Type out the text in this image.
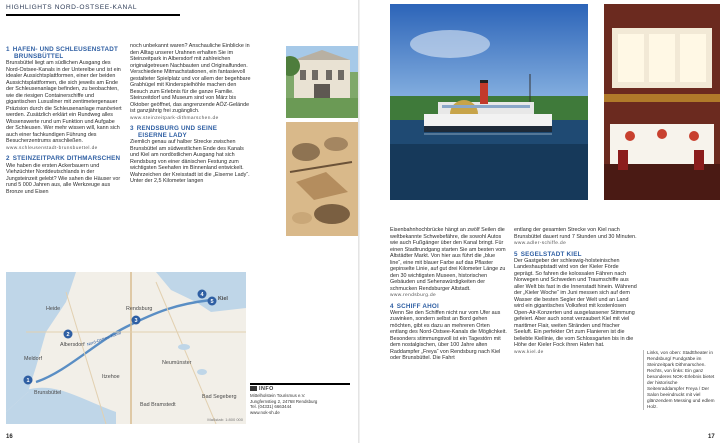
HIGHLIGHTS NORD-OSTSEE-KANAL
1 HAFEN- UND SCHLEUSENSTADT
BRUNSBÜTTEL

Brunsbüttel liegt am südlichen Ausgang des Nord-Ostsee-Kanals in der Unterelbe und ist ein idealer Aussichtsplattformen, einer der beiden Aussichtsplattformen, die sich jeweils am Ende der Schleusenanlage befinden, zu beobachten, wie die riesigen Containerschiffe und gigantischen Luxusliner mit zentimetergenauer Präzision durch die Schleusenanlage manövriert werden. Zusätzlich erklärt ein Rundweg alles Wissenswerte rund um Funktion und Aufgabe der Schleusen. Wer mehr wissen will, kann sich auch einer fachkundigen Führung des Besucherzentrums anschließen.

www.schleusenstadt-brunsbuettel.de
2 STEINZEITPARK DITHMARSCHEN

Wie haben die ersten Ackerbauern und Viehzüchter Norddeutschlands in der Jungsteinzeit gelebt? Wie sahen die Häuser vor rund 5 000 Jahren aus, alle Werkzeuge aus Bronze und Eisen

noch unbekannt waren? Anschauliche Einblicke in den Alltag unserer Urahnen erhalten Sie im Steinzeitpark in Albersdorf mit zahlreichen originalgetreuen Nachbauten und Originalfunden. Verschiedene Mitmachstationen, ein fantasievoll gestalteter Spielplatz und vor allem der begehbare Grabhügel mit Kinderspielhöhle machen den Besuch zum Erlebnis für die ganze Familie. Steinzeitdorf und Museum sind von März bis Oktober geöffnet, das angrenzende AÖZ-Gelände ist ganzjährig frei zugänglich.

www.steinzeitpark-dithmarschen.de
3 RENDSBURG UND SEINE
EISERNE LADY

Ziemlich genau auf halber Strecke zwischen Brunsbüttel am südwestlichen Ende des Kanals und Kiel am nordöstlichen Ausgang hat sich Rendsburg von einer dänischen Festung zum wichtigsten Seehafen im Binnenland entwickelt. Wahrzeichen der Kreisstadt ist die „Eiserne Lady“. Unter der 2,5 Kilometer langen

1
2
3
4
5 Kiel
Rendsburg
Albersdorf
Heide
Meldorf
Brunsbüttel
Itzehoe
Neumünster
Bad Segeberg
Bad Bramstedt
Nord-Ostsee-Kanal
Maßstab: 1:800 000
INFO
Mittelholstein Tourismus e.V.
Jungfernstieg 2, 24768 Rendsburg
Tel. (04331) 6663444
www.nok-sh.de
16

Eisenbahnhochbrücke hängt an zwölf Seilen die weltbekannte Schwebefähre, die sowohl Autos wie auch Fußgänger über den Kanal bringt. Für einen Stadtrundgang starten Sie am besten vom Altstädter Markt. Von hier aus führt die „blue line“, eine mit blauer Farbe auf das Pflaster gepinselte Linie, auf gut drei Kilometer Länge zu den 30 wichtigsten Museen, historischen Gebäuden und Sehenswürdigkeiten der schmucken Rendsburger Altstadt.

www.rendsburg.de
4 SCHIFF AHOI

Wenn Sie den Schiffen nicht nur vom Ufer aus zuwinken, sondern selbst an Bord gehen möchten, gibt es dazu an mehreren Orten entlang des Nord-Ostsee-Kanals die Möglichkeit. Besonders stimmungsvoll ist ein Tagestörn mit dem nostalgischen, über 100 Jahre alten Raddampfer „Freya“ von Rendsburg nach Kiel oder Brunsbüttel. Die Fahrt

entlang der gesamten Strecke von Kiel nach Brunsbüttel dauert rund 7 Stunden und 30 Minuten.

www.adler-schiffe.de
5 SEGELSTADT KIEL

Der Gastgeber der schleswig-holsteinischen Landeshauptstadt wird von der Kieler Förde geprägt. So fahren die kolossalen Fähren nach Norwegen und Schweden und Traumschiffe aus aller Welt bis fast in die Innenstadt hinein. Während der „Kieler Woche“ im Juni messen sich auf dem Wasser die besten Segler der Welt und an Land wird ein gigantisches Volksfest mit kostenlosen Open-Air-Konzerten und ausgelassener Stimmung gefeiert. Aber auch sonst verzaubert Kiel mit viel maritimer Flair, weiten Stränden und frischer Seeluft. Ein perfekter Ort zum Flanieren ist die beliebte Kiellinie, die vom Schlossgarten bis in die Höhe der Kieler Fock ihren Hafen hat.

www.kiel.de
17
Links, von oben: Stadttheater in Rendsburg/ Fundgräbe im Steinzeitpark Dithmarschen. Rechts, von links: Ein ganz besonderes NOK-Erlebnis bietet der historische Seitenraddampfer Freya / Der Salon beeindruckt mit viel glänzendem Messing und edlem Holz.
